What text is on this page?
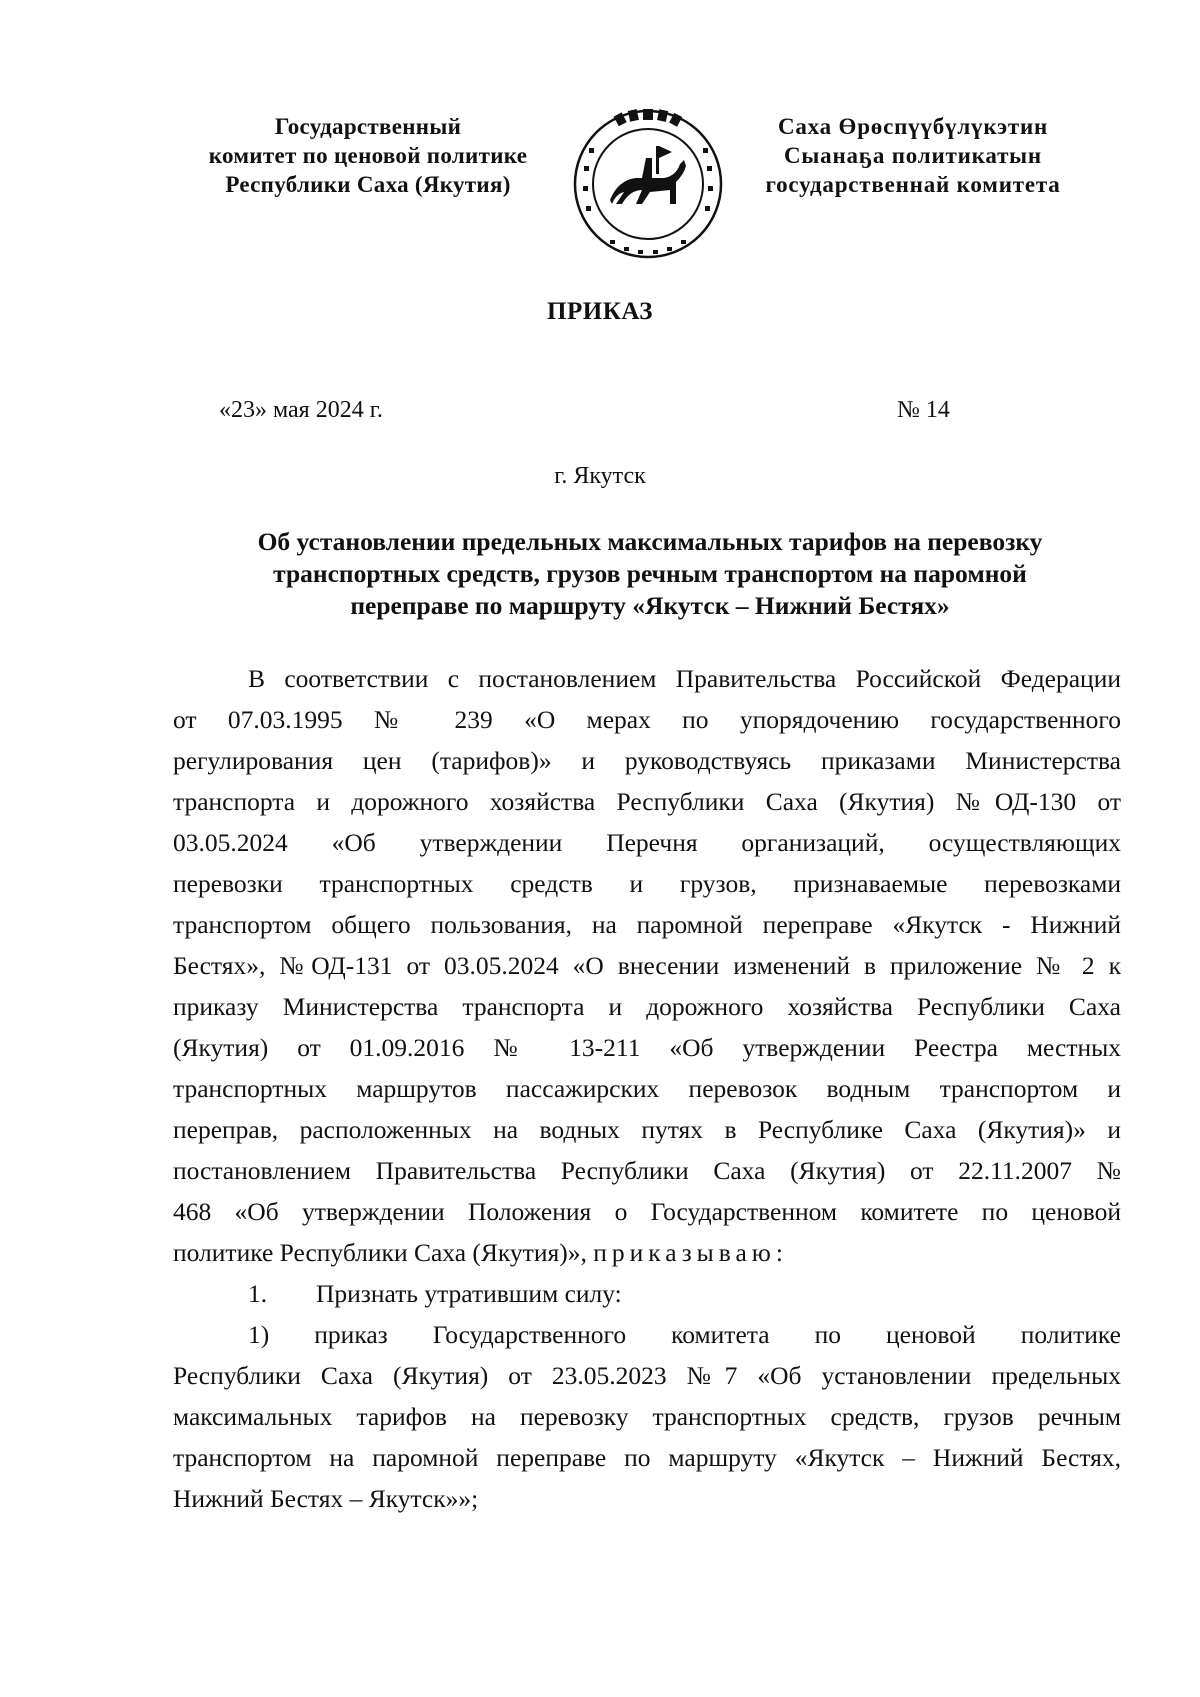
Государственный
комитет по ценовой политике
Республики Саха (Якутия)
Саха Өрөспүүбүлүкэтин
Сыанаҕа политикатын
государственнай комитета
ПРИКАЗ
«23» мая 2024 г.	№ 14
г. Якутск
Об установлении предельных максимальных тарифов на перевозку
транспортных средств, грузов речным транспортом на паромной
переправе по маршруту «Якутск – Нижний Бестях»
В соответствии с постановлением Правительства Российской Федерации
от 07.03.1995 № 239 «О мерах по упорядочению государственного
регулирования цен (тарифов)» и руководствуясь приказами Министерства
транспорта и дорожного хозяйства Республики Саха (Якутия) №ОД-130 от
03.05.2024 «Об утверждении Перечня организаций, осуществляющих
перевозки транспортных средств и грузов, признаваемые перевозками
транспортом общего пользования, на паромной переправе «Якутск - Нижний
Бестях», №ОД-131 от 03.05.2024 «О внесении изменений в приложение № 2 к
приказу Министерства транспорта и дорожного хозяйства Республики Саха
(Якутия) от 01.09.2016 № 13-211 «Об утверждении Реестра местных
транспортных маршрутов пассажирских перевозок водным транспортом и
переправ, расположенных на водных путях в Республике Саха (Якутия)» и
постановлением Правительства Республики Саха (Якутия) от 22.11.2007 №
468 «Об утверждении Положения о Государственном комитете по ценовой
политике Республики Саха (Якутия)», приказываю:
1. Признать утратившим силу:
1) приказ Государственного комитета по ценовой политике
Республики Саха (Якутия) от 23.05.2023 №7 «Об установлении предельных
максимальных тарифов на перевозку транспортных средств, грузов речным
транспортом на паромной переправе по маршруту «Якутск – Нижний Бестях,
Нижний Бестях – Якутск»»;
